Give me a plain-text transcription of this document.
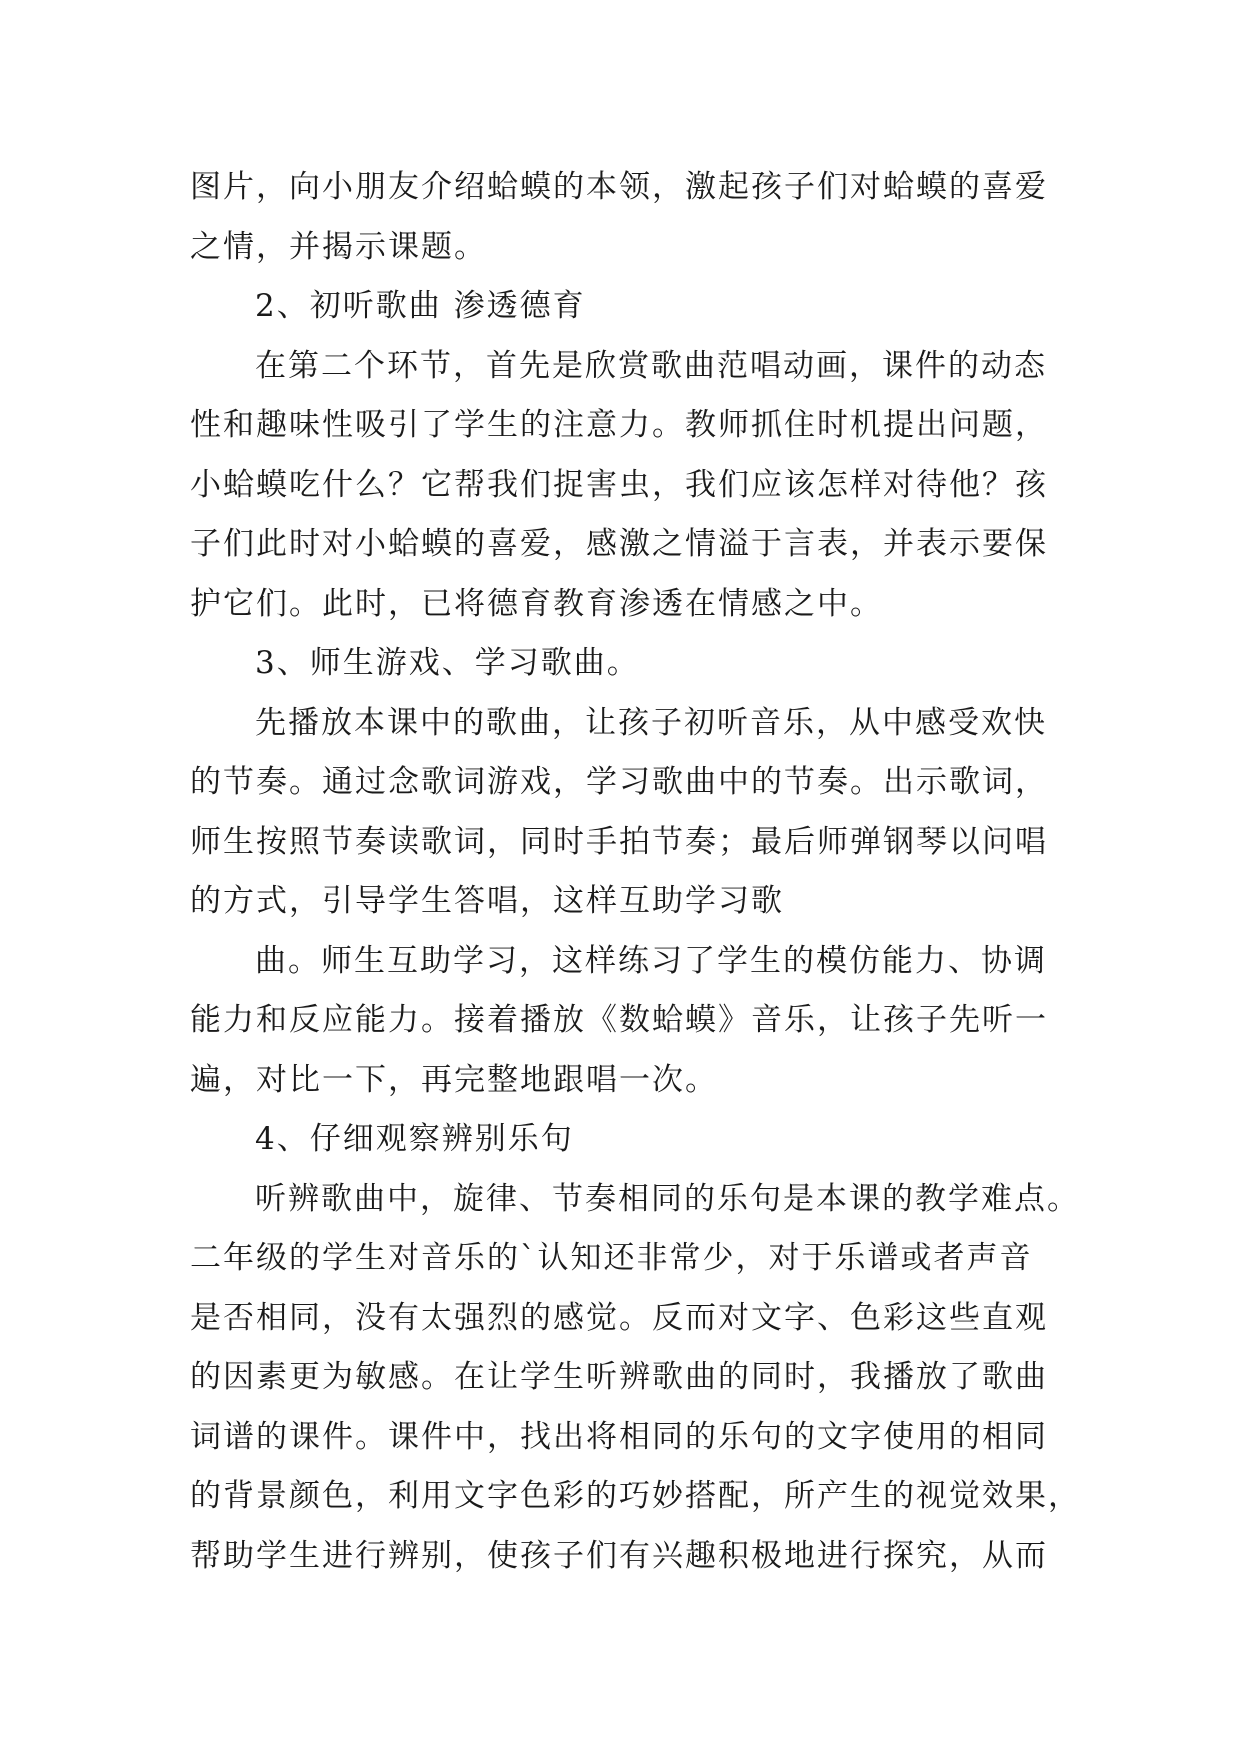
图片，向小朋友介绍蛤蟆的本领，激起孩子们对蛤蟆的喜爱
之情，并揭示课题。
2、初听歌曲 渗透德育
在第二个环节，首先是欣赏歌曲范唱动画，课件的动态
性和趣味性吸引了学生的注意力。教师抓住时机提出问题，
小蛤蟆吃什么？它帮我们捉害虫，我们应该怎样对待他？孩
子们此时对小蛤蟆的喜爱，感激之情溢于言表，并表示要保
护它们。此时，已将德育教育渗透在情感之中。
3、师生游戏、学习歌曲。
先播放本课中的歌曲，让孩子初听音乐，从中感受欢快
的节奏。通过念歌词游戏，学习歌曲中的节奏。出示歌词，
师生按照节奏读歌词，同时手拍节奏；最后师弹钢琴以问唱
的方式，引导学生答唱，这样互助学习歌
曲。师生互助学习，这样练习了学生的模仿能力、协调
能力和反应能力。接着播放《数蛤蟆》音乐，让孩子先听一
遍，对比一下，再完整地跟唱一次。
4、仔细观察辨别乐句
听辨歌曲中，旋律、节奏相同的乐句是本课的教学难点。
二年级的学生对音乐的`认知还非常少，对于乐谱或者声音
是否相同，没有太强烈的感觉。反而对文字、色彩这些直观
的因素更为敏感。在让学生听辨歌曲的同时，我播放了歌曲
词谱的课件。课件中，找出将相同的乐句的文字使用的相同
的背景颜色，利用文字色彩的巧妙搭配，所产生的视觉效果，
帮助学生进行辨别，使孩子们有兴趣积极地进行探究，从而
